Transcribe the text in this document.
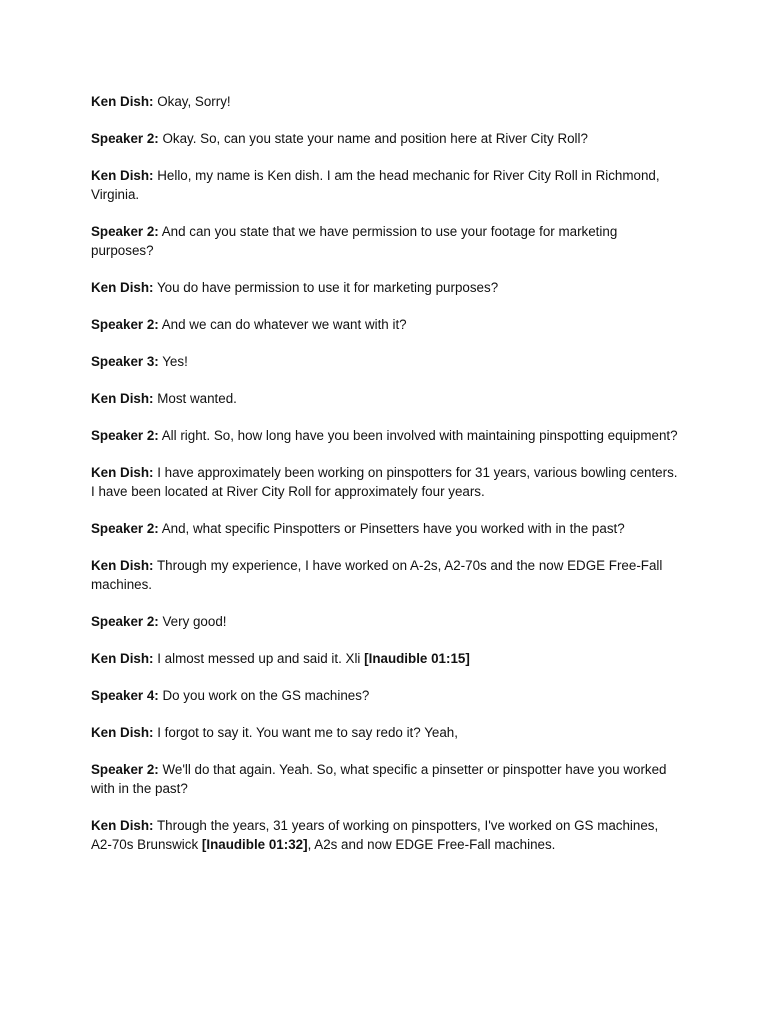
Ken Dish: Okay, Sorry!

Speaker 2: Okay. So, can you state your name and position here at River City Roll?

Ken Dish: Hello, my name is Ken dish. I am the head mechanic for River City Roll in Richmond, Virginia.

Speaker 2: And can you state that we have permission to use your footage for marketing purposes?

Ken Dish: You do have permission to use it for marketing purposes?

Speaker 2: And we can do whatever we want with it?

Speaker 3: Yes!

Ken Dish: Most wanted.

Speaker 2: All right. So, how long have you been involved with maintaining pinspotting equipment?

Ken Dish: I have approximately been working on pinspotters for 31 years, various bowling centers. I have been located at River City Roll for approximately four years.

Speaker 2: And, what specific Pinspotters or Pinsetters have you worked with in the past?

Ken Dish: Through my experience, I have worked on A-2s, A2-70s and the now EDGE Free-Fall machines.

Speaker 2: Very good!

Ken Dish: I almost messed up and said it. Xli [Inaudible 01:15]

Speaker 4: Do you work on the GS machines?

Ken Dish: I forgot to say it. You want me to say redo it? Yeah,

Speaker 2: We'll do that again. Yeah. So, what specific a pinsetter or pinspotter have you worked with in the past?

Ken Dish: Through the years, 31 years of working on pinspotters, I've worked on GS machines, A2-70s Brunswick [Inaudible 01:32], A2s and now EDGE Free-Fall machines.
